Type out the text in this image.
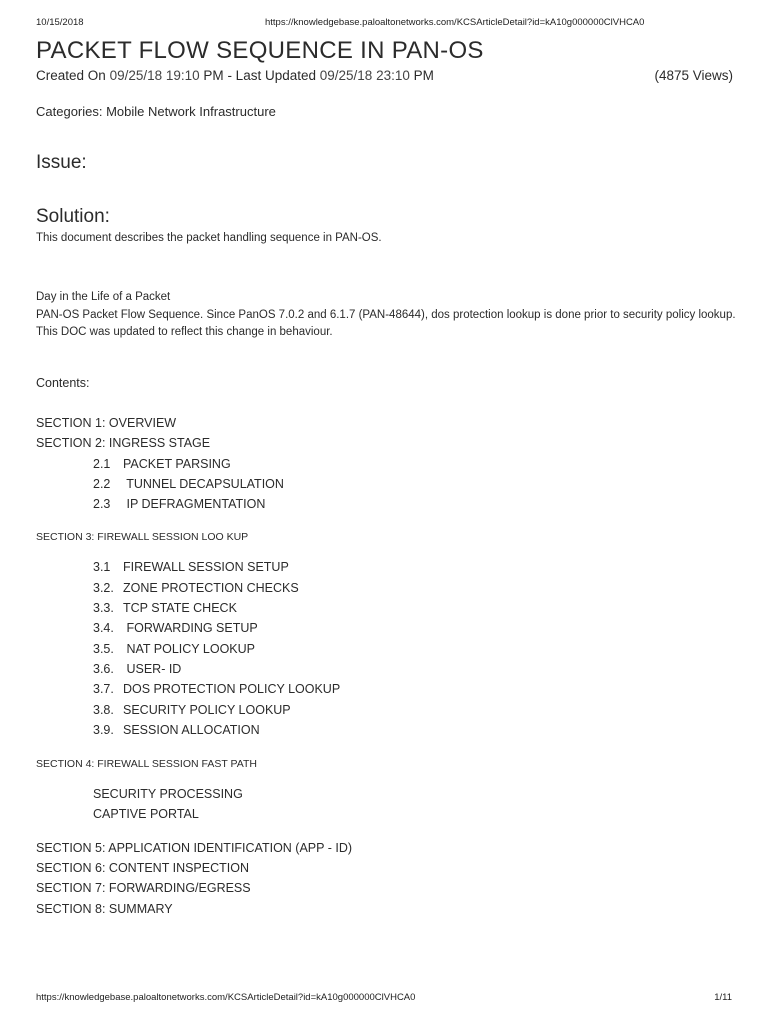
10/15/2018	https://knowledgebase.paloaltonetworks.com/KCSArticleDetail?id=kA10g000000ClVHCA0
PACKET FLOW SEQUENCE IN PAN-OS
Created On 09/25/18 19:10 PM - Last Updated 09/25/18 23:10 PM	(4875 Views)
Categories: Mobile Network Infrastructure
Issue:
Solution:
This document describes the packet handling sequence in PAN-OS.
Day in the Life of a Packet
PAN-OS Packet Flow Sequence. Since PanOS 7.0.2 and 6.1.7 (PAN-48644), dos protection lookup is done prior to security policy lookup.
This DOC was updated to reflect this change in behaviour.
Contents:
SECTION 1: OVERVIEW
SECTION 2: INGRESS STAGE
2.1 PACKET PARSING
2.2 TUNNEL DECAPSULATION
2.3 IP DEFRAGMENTATION
SECTION 3: FIREWALL SESSION LOO KUP
3.1 FIREWALL SESSION SETUP
3.2. ZONE PROTECTION CHECKS
3.3. TCP STATE CHECK
3.4. FORWARDING SETUP
3.5. NAT POLICY LOOKUP
3.6. USER- ID
3.7. DOS PROTECTION POLICY LOOKUP
3.8. SECURITY POLICY LOOKUP
3.9. SESSION ALLOCATION
SECTION 4: FIREWALL SESSION FAST PATH
SECURITY PROCESSING
CAPTIVE PORTAL
SECTION 5: APPLICATION IDENTIFICATION (APP - ID)
SECTION 6: CONTENT INSPECTION
SECTION 7: FORWARDING/EGRESS
SECTION 8: SUMMARY
https://knowledgebase.paloaltonetworks.com/KCSArticleDetail?id=kA10g000000ClVHCA0	1/11
